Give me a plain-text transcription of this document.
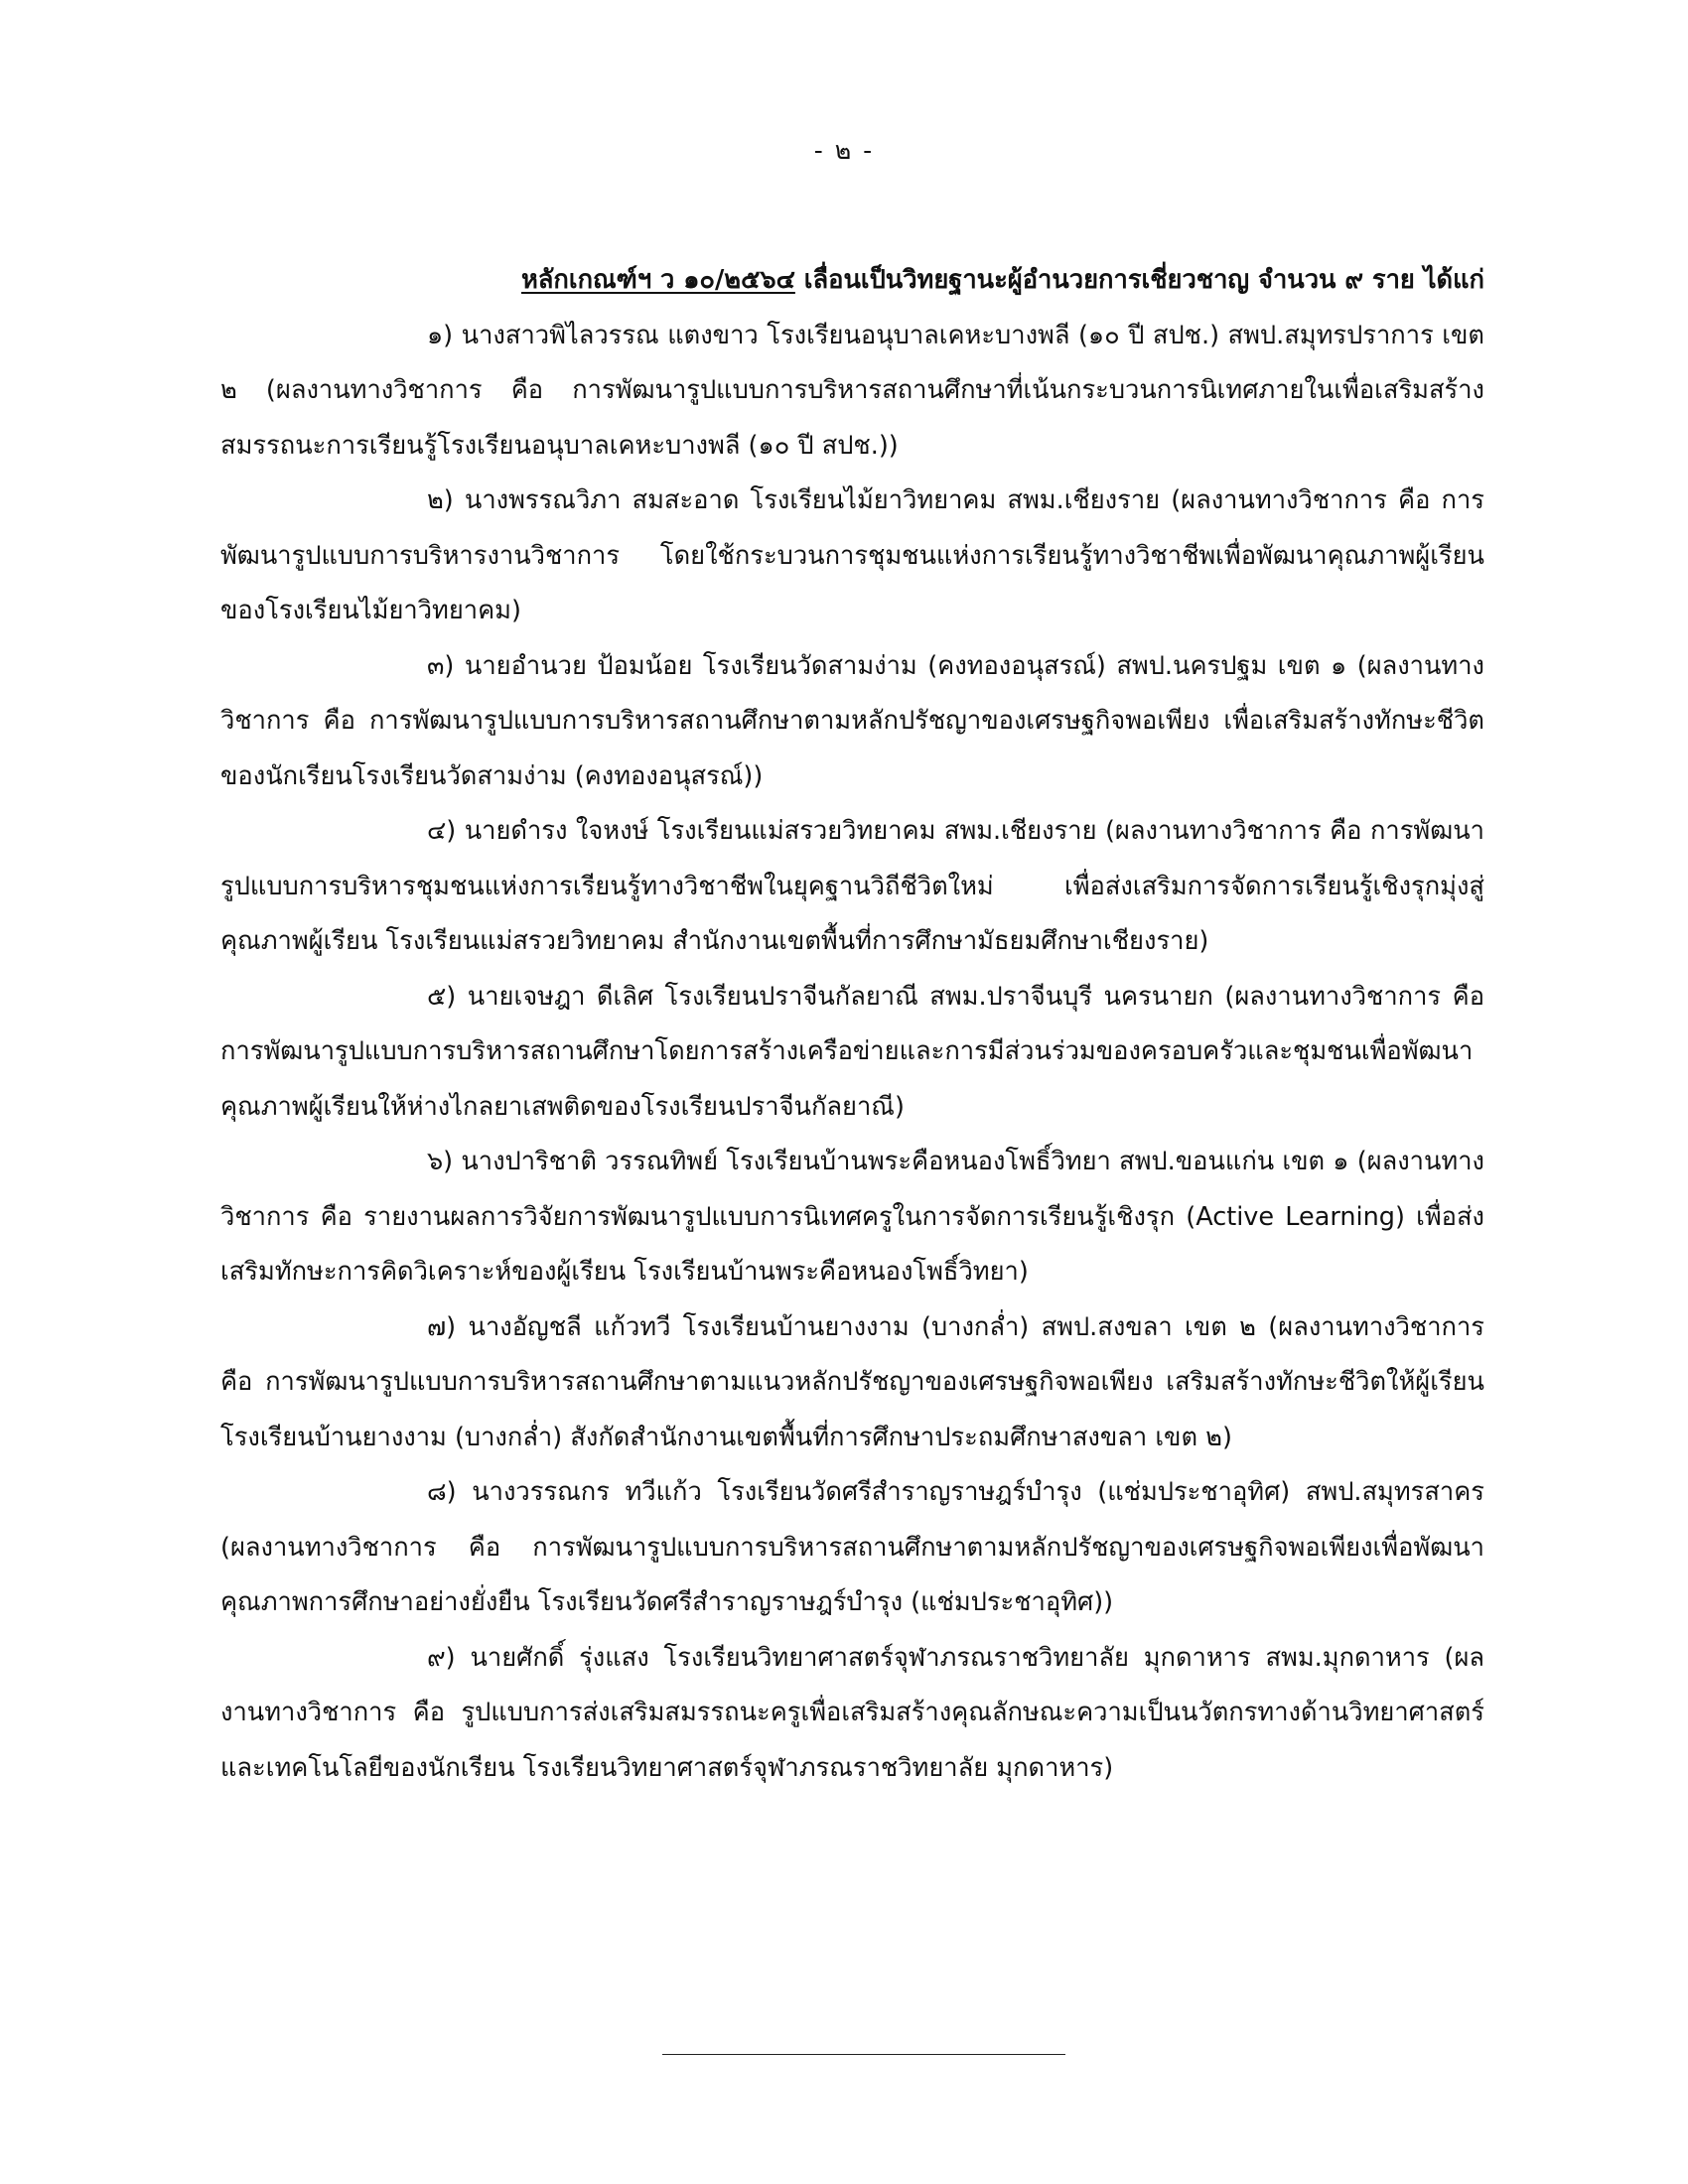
- ๒ -

หลักเกณฑ์ฯ ว ๑๐/๒๕๖๔ เลื่อนเป็นวิทยฐานะผู้อำนวยการเชี่ยวชาญ จำนวน ๙ ราย ได้แก่

๑) นางสาวพิไลวรรณ แตงขาว โรงเรียนอนุบาลเคหะบางพลี (๑๐ ปี สปช.) สพป.สมุทรปราการ เขต ๒ (ผลงานทางวิชาการ คือ การพัฒนารูปแบบการบริหารสถานศึกษาที่เน้นกระบวนการนิเทศภายในเพื่อเสริมสร้างสมรรถนะการเรียนรู้โรงเรียนอนุบาลเคหะบางพลี (๑๐ ปี สปช.))

๒) นางพรรณวิภา สมสะอาด โรงเรียนไม้ยาวิทยาคม สพม.เชียงราย (ผลงานทางวิชาการ คือ การพัฒนารูปแบบการบริหารงานวิชาการ โดยใช้กระบวนการชุมชนแห่งการเรียนรู้ทางวิชาชีพเพื่อพัฒนาคุณภาพผู้เรียนของโรงเรียนไม้ยาวิทยาคม)

๓) นายอำนวย ป้อมน้อย โรงเรียนวัดสามง่าม (คงทองอนุสรณ์) สพป.นครปฐม เขต ๑ (ผลงานทางวิชาการ คือ การพัฒนารูปแบบการบริหารสถานศึกษาตามหลักปรัชญาของเศรษฐกิจพอเพียง เพื่อเสริมสร้างทักษะชีวิตของนักเรียนโรงเรียนวัดสามง่าม (คงทองอนุสรณ์))

๔) นายดำรง ใจหงษ์ โรงเรียนแม่สรวยวิทยาคม สพม.เชียงราย (ผลงานทางวิชาการ คือ การพัฒนารูปแบบการบริหารชุมชนแห่งการเรียนรู้ทางวิชาชีพในยุคฐานวิถีชีวิตใหม่ เพื่อส่งเสริมการจัดการเรียนรู้เชิงรุกมุ่งสู่คุณภาพผู้เรียน โรงเรียนแม่สรวยวิทยาคม สำนักงานเขตพื้นที่การศึกษามัธยมศึกษาเชียงราย)

๕) นายเจษฎา ดีเลิศ โรงเรียนปราจีนกัลยาณี สพม.ปราจีนบุรี นครนายก (ผลงานทางวิชาการ คือ การพัฒนารูปแบบการบริหารสถานศึกษาโดยการสร้างเครือข่ายและการมีส่วนร่วมของครอบครัวและชุมชนเพื่อพัฒนาคุณภาพผู้เรียนให้ห่างไกลยาเสพติดของโรงเรียนปราจีนกัลยาณี)

๖) นางปาริชาติ วรรณทิพย์ โรงเรียนบ้านพระคือหนองโพธิ์วิทยา สพป.ขอนแก่น เขต ๑ (ผลงานทางวิชาการ คือ รายงานผลการวิจัยการพัฒนารูปแบบการนิเทศครูในการจัดการเรียนรู้เชิงรุก (Active Learning) เพื่อส่งเสริมทักษะการคิดวิเคราะห์ของผู้เรียน โรงเรียนบ้านพระคือหนองโพธิ์วิทยา)

๗) นางอัญชลี แก้วทวี โรงเรียนบ้านยางงาม (บางกล่ำ) สพป.สงขลา เขต ๒ (ผลงานทางวิชาการ คือ การพัฒนารูปแบบการบริหารสถานศึกษาตามแนวหลักปรัชญาของเศรษฐกิจพอเพียง เสริมสร้างทักษะชีวิตให้ผู้เรียน โรงเรียนบ้านยางงาม (บางกล่ำ) สังกัดสำนักงานเขตพื้นที่การศึกษาประถมศึกษาสงขลา เขต ๒)

๘) นางวรรณกร ทวีแก้ว โรงเรียนวัดศรีสำราญราษฎร์บำรุง (แช่มประชาอุทิศ) สพป.สมุทรสาคร (ผลงานทางวิชาการ คือ การพัฒนารูปแบบการบริหารสถานศึกษาตามหลักปรัชญาของเศรษฐกิจพอเพียงเพื่อพัฒนาคุณภาพการศึกษาอย่างยั่งยืน โรงเรียนวัดศรีสำราญราษฎร์บำรุง (แช่มประชาอุทิศ))

๙) นายศักดิ์ รุ่งแสง โรงเรียนวิทยาศาสตร์จุฬาภรณราชวิทยาลัย มุกดาหาร สพม.มุกดาหาร (ผลงานทางวิชาการ คือ รูปแบบการส่งเสริมสมรรถนะครูเพื่อเสริมสร้างคุณลักษณะความเป็นนวัตกรทางด้านวิทยาศาสตร์และเทคโนโลยีของนักเรียน โรงเรียนวิทยาศาสตร์จุฬาภรณราชวิทยาลัย มุกดาหาร)
